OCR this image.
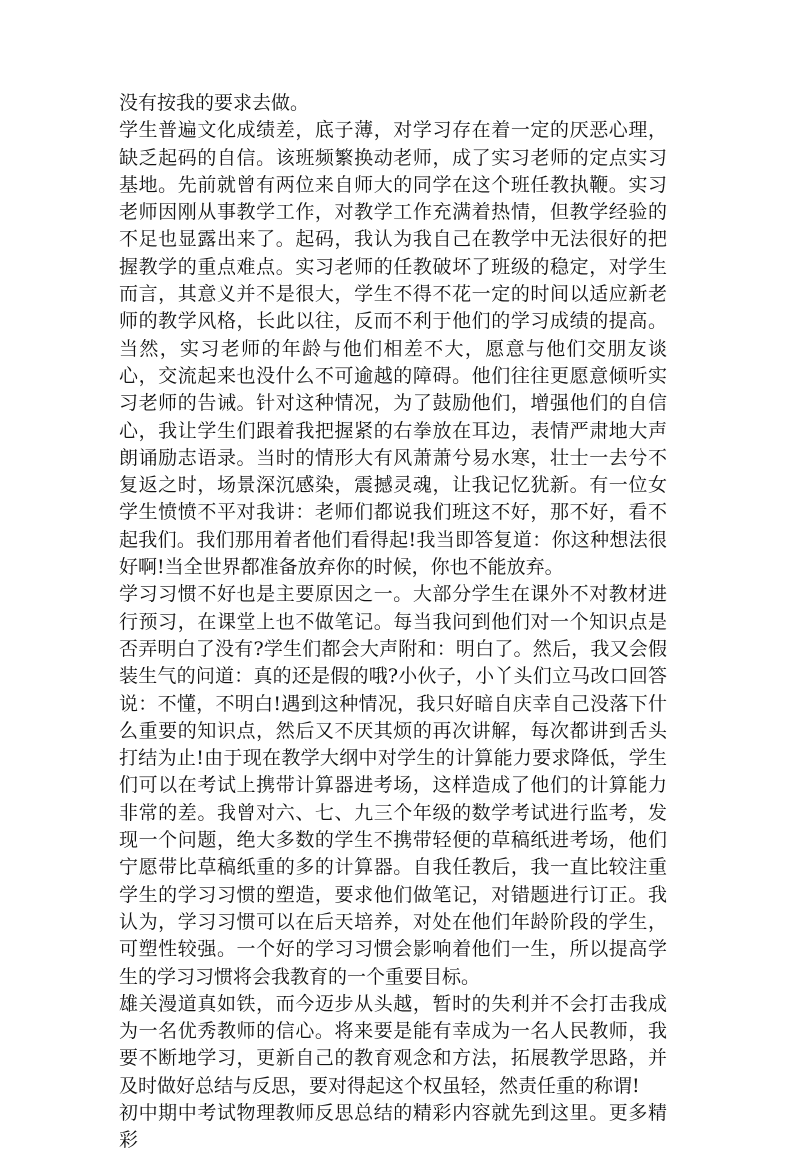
没有按我的要求去做。

学生普遍文化成绩差，底子薄，对学习存在着一定的厌恶心理，缺乏起码的自信。该班频繁换动老师，成了实习老师的定点实习基地。先前就曾有两位来自师大的同学在这个班任教执鞭。实习老师因刚从事教学工作，对教学工作充满着热情，但教学经验的不足也显露出来了。起码，我认为我自己在教学中无法很好的把握教学的重点难点。实习老师的任教破坏了班级的稳定，对学生而言，其意义并不是很大，学生不得不花一定的时间以适应新老师的教学风格，长此以往，反而不利于他们的学习成绩的提高。当然，实习老师的年龄与他们相差不大，愿意与他们交朋友谈心，交流起来也没什么不可逾越的障碍。他们往往更愿意倾听实习老师的告诫。针对这种情况，为了鼓励他们，增强他们的自信心，我让学生们跟着我把握紧的右拳放在耳边，表情严肃地大声朗诵励志语录。当时的情形大有风萧萧兮易水寒，壮士一去兮不复返之时，场景深沉感染，震撼灵魂，让我记忆犹新。有一位女学生愤愤不平对我讲：老师们都说我们班这不好，那不好，看不起我们。我们那用着者他们看得起!我当即答复道：你这种想法很好啊!当全世界都准备放弃你的时候，你也不能放弃。

学习习惯不好也是主要原因之一。大部分学生在课外不对教材进行预习，在课堂上也不做笔记。每当我问到他们对一个知识点是否弄明白了没有?学生们都会大声附和：明白了。然后，我又会假装生气的问道：真的还是假的哦?小伙子，小丫头们立马改口回答说：不懂，不明白!遇到这种情况，我只好暗自庆幸自己没落下什么重要的知识点，然后又不厌其烦的再次讲解，每次都讲到舌头打结为止!由于现在教学大纲中对学生的计算能力要求降低，学生们可以在考试上携带计算器进考场，这样造成了他们的计算能力非常的差。我曾对六、七、九三个年级的数学考试进行监考，发现一个问题，绝大多数的学生不携带轻便的草稿纸进考场，他们宁愿带比草稿纸重的多的计算器。自我任教后，我一直比较注重学生的学习习惯的塑造，要求他们做笔记，对错题进行订正。我认为，学习习惯可以在后天培养，对处在他们年龄阶段的学生，可塑性较强。一个好的学习习惯会影响着他们一生，所以提高学生的学习习惯将会我教育的一个重要目标。

雄关漫道真如铁，而今迈步从头越，暂时的失利并不会打击我成为一名优秀教师的信心。将来要是能有幸成为一名人民教师，我要不断地学习，更新自己的教育观念和方法，拓展教学思路，并及时做好总结与反思，要对得起这个权虽轻，然责任重的称谓!

初中期中考试物理教师反思总结的精彩内容就先到这里。更多精彩
